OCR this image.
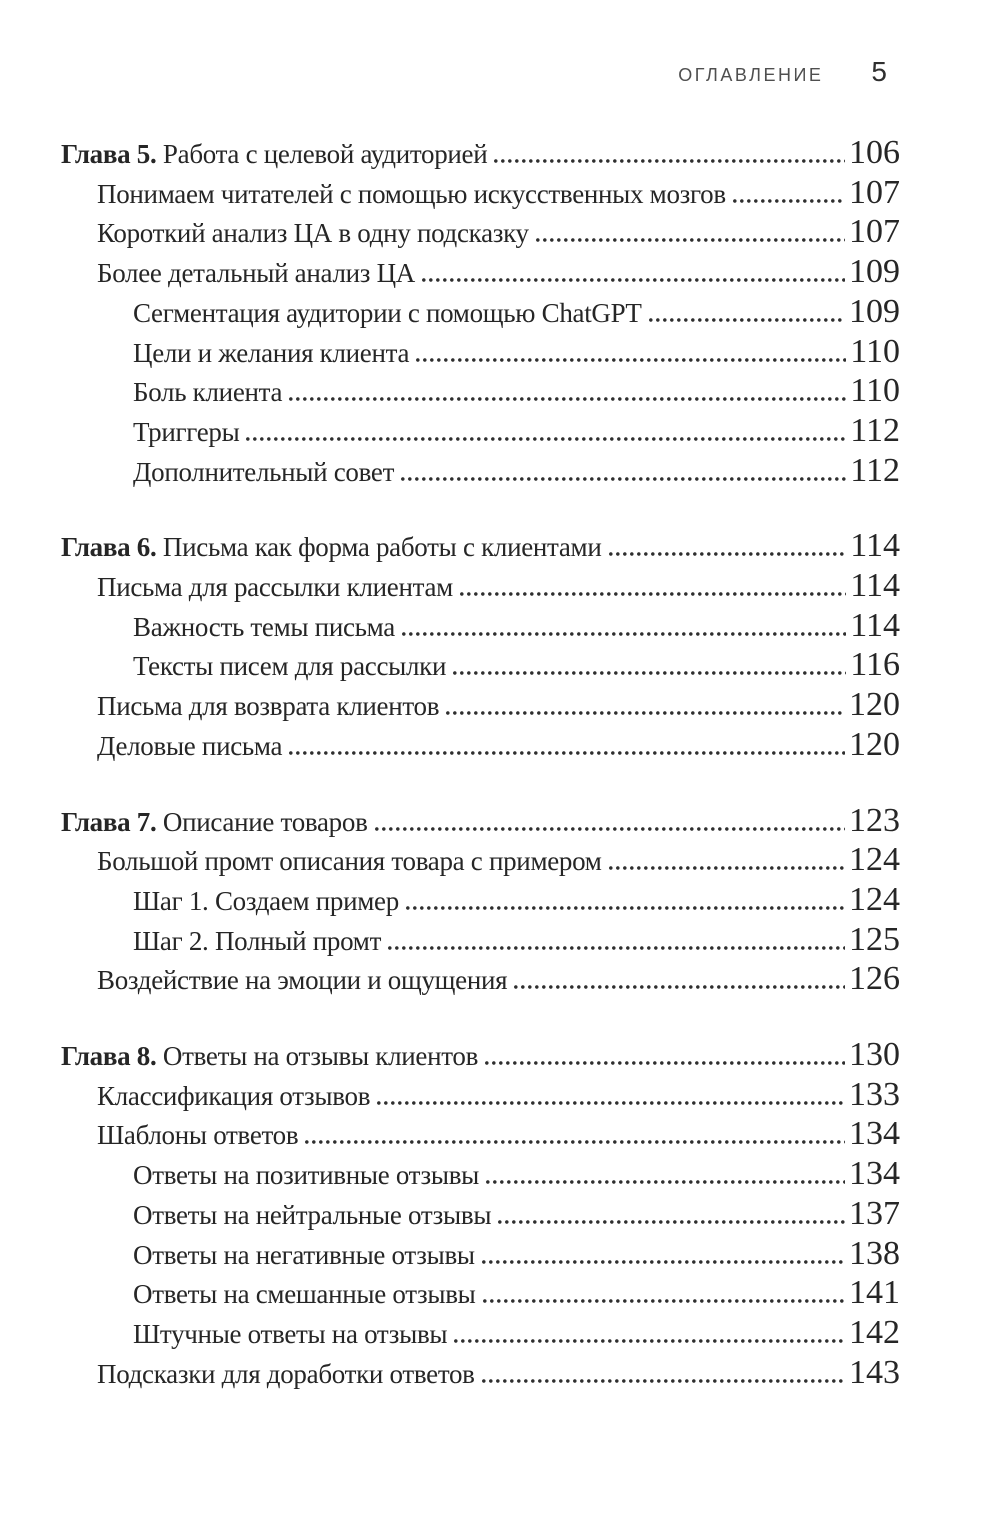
ОГЛАВЛЕНИЕ 5
Глава 5. Работа с целевой аудиторией	106
Понимаем читателей с помощью искусственных мозгов	107
Короткий анализ ЦА в одну подсказку	107
Более детальный анализ ЦА	109
Сегментация аудитории с помощью ChatGPT	109
Цели и желания клиента	110
Боль клиента	110
Триггеры	112
Дополнительный совет	112
Глава 6. Письма как форма работы с клиентами	114
Письма для рассылки клиентам	114
Важность темы письма	114
Тексты писем для рассылки	116
Письма для возврата клиентов	120
Деловые письма	120
Глава 7. Описание товаров	123
Большой промт описания товара с примером	124
Шаг 1. Создаем пример	124
Шаг 2. Полный промт	125
Воздействие на эмоции и ощущения	126
Глава 8. Ответы на отзывы клиентов	130
Классификация отзывов	133
Шаблоны ответов	134
Ответы на позитивные отзывы	134
Ответы на нейтральные отзывы	137
Ответы на негативные отзывы	138
Ответы на смешанные отзывы	141
Штучные ответы на отзывы	142
Подсказки для доработки ответов	143
